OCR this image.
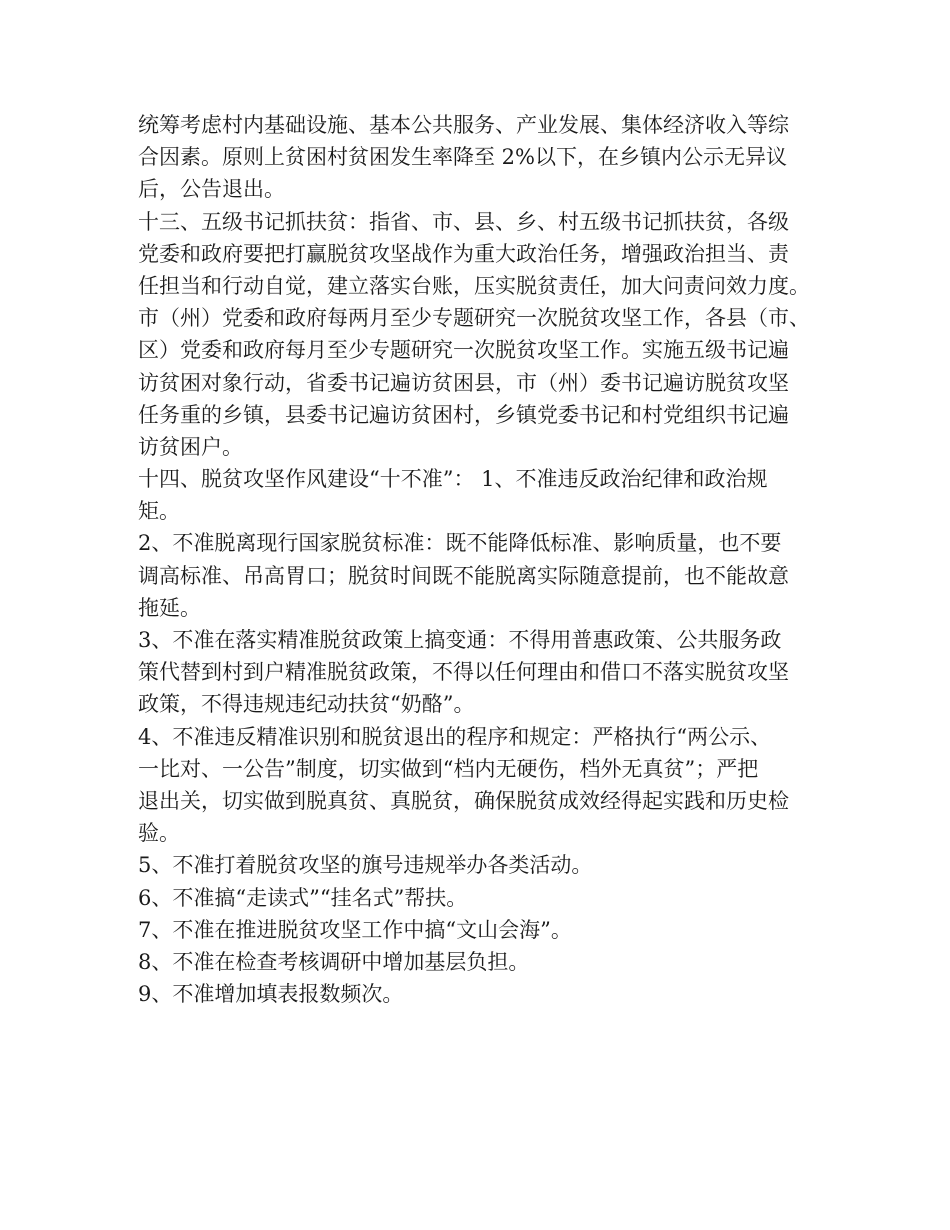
统筹考虑村内基础设施、基本公共服务、产业发展、集体经济收入等综
合因素。原则上贫困村贫困发生率降至 2%以下，在乡镇内公示无异议
后，公告退出。
十三、五级书记抓扶贫：指省、市、县、乡、村五级书记抓扶贫，各级
党委和政府要把打赢脱贫攻坚战作为重大政治任务，增强政治担当、责
任担当和行动自觉，建立落实台账，压实脱贫责任，加大问责问效力度。
市（州）党委和政府每两月至少专题研究一次脱贫攻坚工作，各县（市、
区）党委和政府每月至少专题研究一次脱贫攻坚工作。实施五级书记遍
访贫困对象行动，省委书记遍访贫困县，市（州）委书记遍访脱贫攻坚
任务重的乡镇，县委书记遍访贫困村，乡镇党委书记和村党组织书记遍
访贫困户。
十四、脱贫攻坚作风建设“十不准”： 1、不准违反政治纪律和政治规
矩。
2、不准脱离现行国家脱贫标准：既不能降低标准、影响质量，也不要
调高标准、吊高胃口；脱贫时间既不能脱离实际随意提前，也不能故意
拖延。
3、不准在落实精准脱贫政策上搞变通：不得用普惠政策、公共服务政
策代替到村到户精准脱贫政策，不得以任何理由和借口不落实脱贫攻坚
政策，不得违规违纪动扶贫“奶酪”。
4、不准违反精准识别和脱贫退出的程序和规定：严格执行“两公示、
一比对、一公告”制度，切实做到“档内无硬伤，档外无真贫”；严把
退出关，切实做到脱真贫、真脱贫，确保脱贫成效经得起实践和历史检
验。
5、不准打着脱贫攻坚的旗号违规举办各类活动。
6、不准搞“走读式”“挂名式”帮扶。
7、不准在推进脱贫攻坚工作中搞“文山会海”。
8、不准在检查考核调研中增加基层负担。
9、不准增加填表报数频次。
